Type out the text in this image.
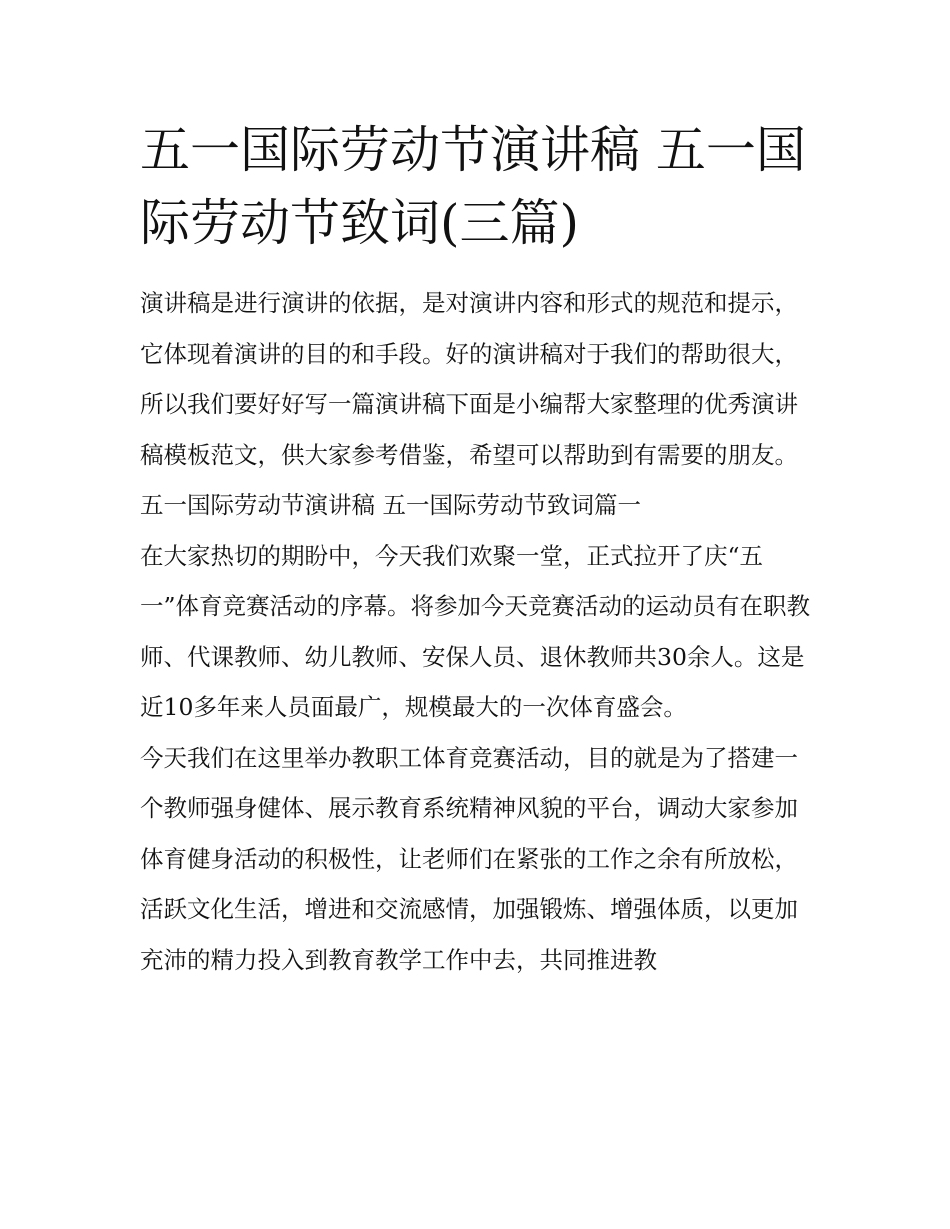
五一国际劳动节演讲稿 五一国际劳动节致词(三篇)

演讲稿是进行演讲的依据，是对演讲内容和形式的规范和提示，它体现着演讲的目的和手段。好的演讲稿对于我们的帮助很大，所以我们要好好写一篇演讲稿下面是小编帮大家整理的优秀演讲稿模板范文，供大家参考借鉴，希望可以帮助到有需要的朋友。

五一国际劳动节演讲稿 五一国际劳动节致词篇一

在大家热切的期盼中，今天我们欢聚一堂，正式拉开了庆“五一”体育竞赛活动的序幕。将参加今天竞赛活动的运动员有在职教师、代课教师、幼儿教师、安保人员、退休教师共30余人。这是近10多年来人员面最广，规模最大的一次体育盛会。

今天我们在这里举办教职工体育竞赛活动，目的就是为了搭建一个教师强身健体、展示教育系统精神风貌的平台，调动大家参加体育健身活动的积极性，让老师们在紧张的工作之余有所放松，活跃文化生活，增进和交流感情，加强锻炼、增强体质，以更加充沛的精力投入到教育教学工作中去，共同推进教
